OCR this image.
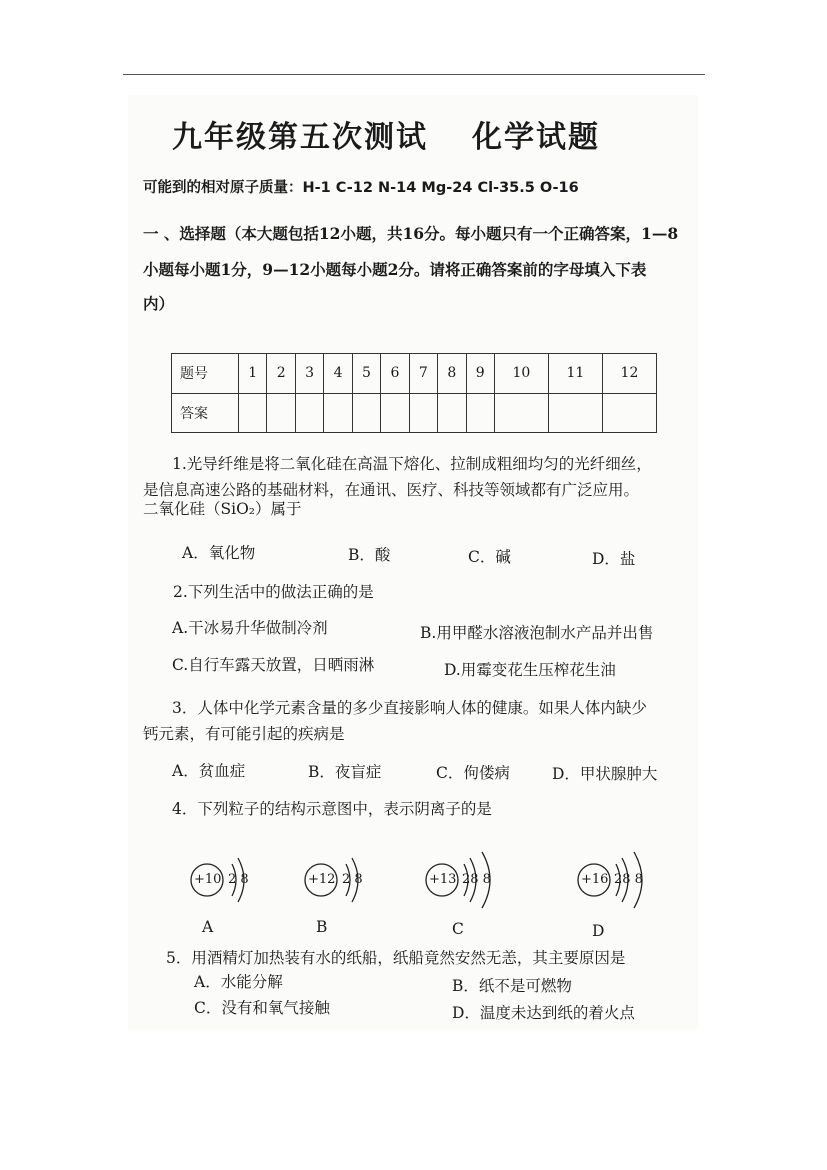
九年级第五次测试 化学试题
可能到的相对原子质量：H-1 C-12 N-14 Mg-24 Cl-35.5 O-16
一 、选择题（本大题包括12小题，共16分。每小题只有一个正确答案，1—8
小题每小题1分，9—12小题每小题2分。请将正确答案前的字母填入下表
内）
题号	1	2	3	4	5	6	7	8	9	10	11	12
答案												
1.光导纤维是将二氧化硅在高温下熔化、拉制成粗细均匀的光纤细丝，
是信息高速公路的基础材料，在通讯、医疗、科技等领域都有广泛应用。
二氧化硅（SiO₂）属于
A．氧化物	B．酸	C．碱	D．盐
2.下列生活中的做法正确的是
A.干冰易升华做制冷剂	B.用甲醛水溶液泡制水产品并出售
C.自行车露天放置，日晒雨淋	D.用霉变花生压榨花生油
3．人体中化学元素含量的多少直接影响人体的健康。如果人体内缺少
钙元素，有可能引起的疾病是
A．贫血症	B．夜盲症	C．佝偻病	D．甲状腺肿大
4．下列粒子的结构示意图中，表示阴离子的是
+10 2 8
A
+12 2 8
B
+13 28 8
C
+16 28 8
D
5．用酒精灯加热装有水的纸船，纸船竟然安然无恙，其主要原因是
A．水能分解	B．纸不是可燃物
C．没有和氧气接触	D．温度未达到纸的着火点
